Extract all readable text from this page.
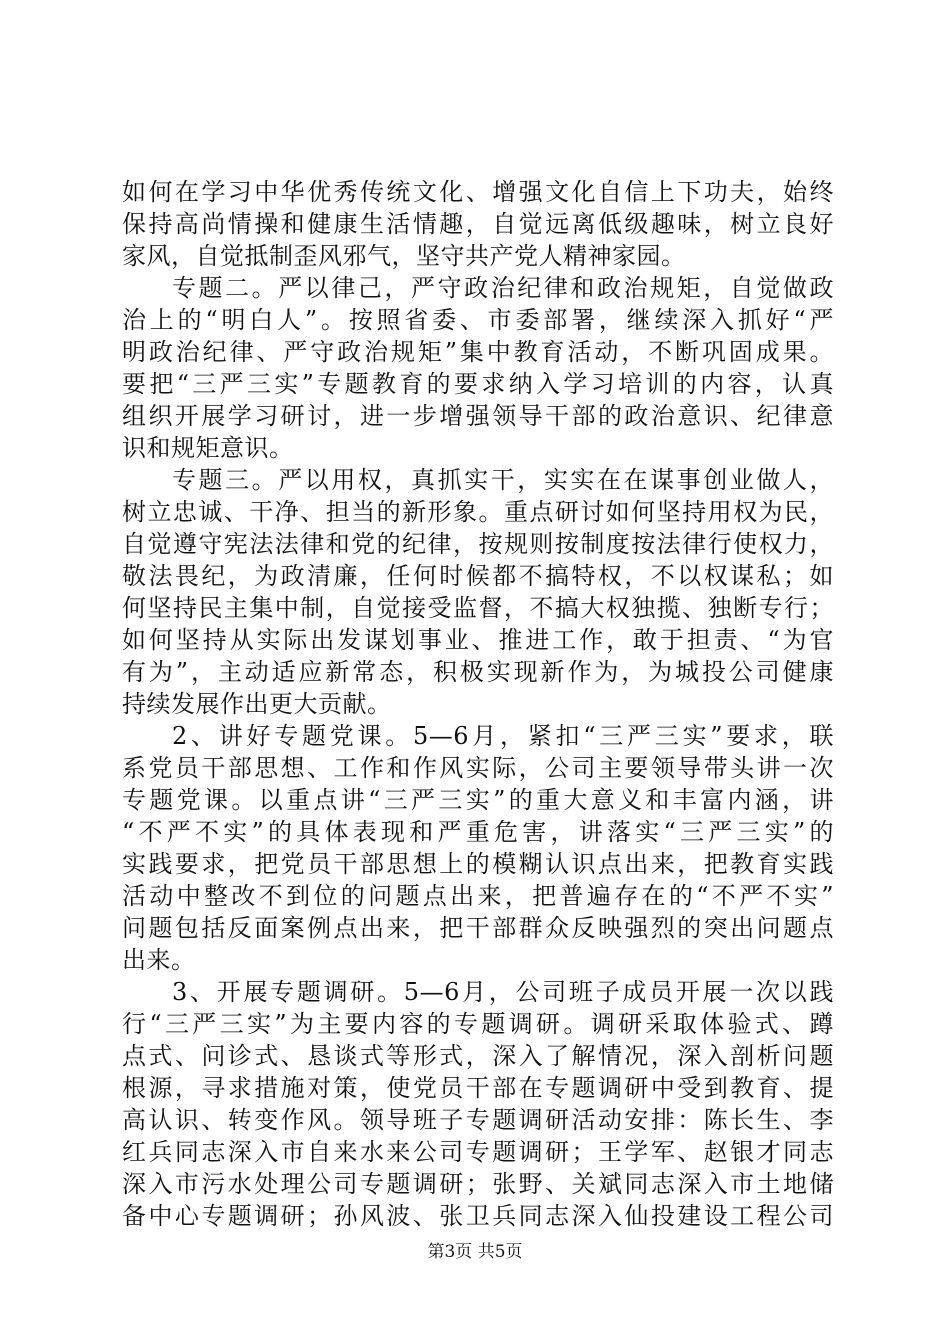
如何在学习中华优秀传统文化、增强文化自信上下功夫，始终
保持高尚情操和健康生活情趣，自觉远离低级趣味，树立良好
家风，自觉抵制歪风邪气，坚守共产党人精神家园。
专题二。严以律己，严守政治纪律和政治规矩，自觉做政
治上的“明白人”。按照省委、市委部署，继续深入抓好“严
明政治纪律、严守政治规矩”集中教育活动，不断巩固成果。
要把“三严三实”专题教育的要求纳入学习培训的内容，认真
组织开展学习研讨，进一步增强领导干部的政治意识、纪律意
识和规矩意识。
专题三。严以用权，真抓实干，实实在在谋事创业做人，
树立忠诚、干净、担当的新形象。重点研讨如何坚持用权为民，
自觉遵守宪法法律和党的纪律，按规则按制度按法律行使权力，
敬法畏纪，为政清廉，任何时候都不搞特权，不以权谋私；如
何坚持民主集中制，自觉接受监督，不搞大权独揽、独断专行；
如何坚持从实际出发谋划事业、推进工作，敢于担责、“为官
有为”，主动适应新常态，积极实现新作为，为城投公司健康
持续发展作出更大贡献。
2、讲好专题党课。5—6月，紧扣“三严三实”要求，联
系党员干部思想、工作和作风实际，公司主要领导带头讲一次
专题党课。以重点讲“三严三实”的重大意义和丰富内涵，讲
“不严不实”的具体表现和严重危害，讲落实“三严三实”的
实践要求，把党员干部思想上的模糊认识点出来，把教育实践
活动中整改不到位的问题点出来，把普遍存在的“不严不实”
问题包括反面案例点出来，把干部群众反映强烈的突出问题点
出来。
3、开展专题调研。5—6月，公司班子成员开展一次以践
行“三严三实”为主要内容的专题调研。调研采取体验式、蹲
点式、问诊式、恳谈式等形式，深入了解情况，深入剖析问题
根源，寻求措施对策，使党员干部在专题调研中受到教育、提
高认识、转变作风。领导班子专题调研活动安排：陈长生、李
红兵同志深入市自来水来公司专题调研；王学军、赵银才同志
深入市污水处理公司专题调研；张野、关斌同志深入市土地储
备中心专题调研；孙风波、张卫兵同志深入仙投建设工程公司
第3页 共5页
